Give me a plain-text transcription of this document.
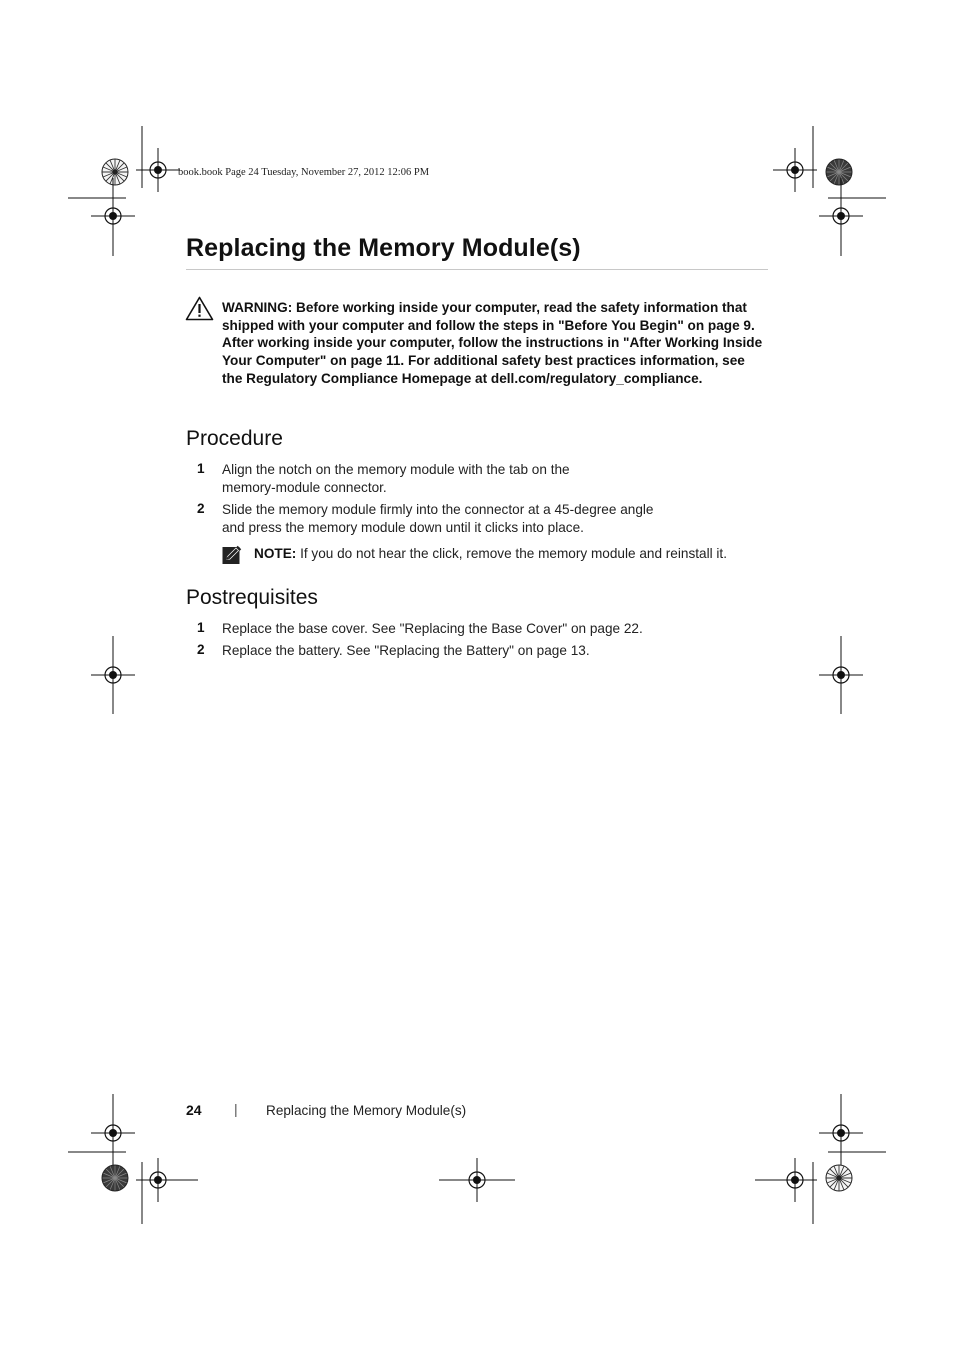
book.book Page 24 Tuesday, November 27, 2012 12:06 PM
Replacing the Memory Module(s)
WARNING: Before working inside your computer, read the safety information that shipped with your computer and follow the steps in "Before You Begin" on page 9. After working inside your computer, follow the instructions in "After Working Inside Your Computer" on page 11. For additional safety best practices information, see the Regulatory Compliance Homepage at dell.com/regulatory_compliance.
Procedure
1 Align the notch on the memory module with the tab on the
memory-module connector.
2 Slide the memory module firmly into the connector at a 45-degree angle
and press the memory module down until it clicks into place.
NOTE: If you do not hear the click, remove the memory module and reinstall it.
Postrequisites
1 Replace the base cover. See "Replacing the Base Cover" on page 22.
2 Replace the battery. See "Replacing the Battery" on page 13.
24 | Replacing the Memory Module(s)
